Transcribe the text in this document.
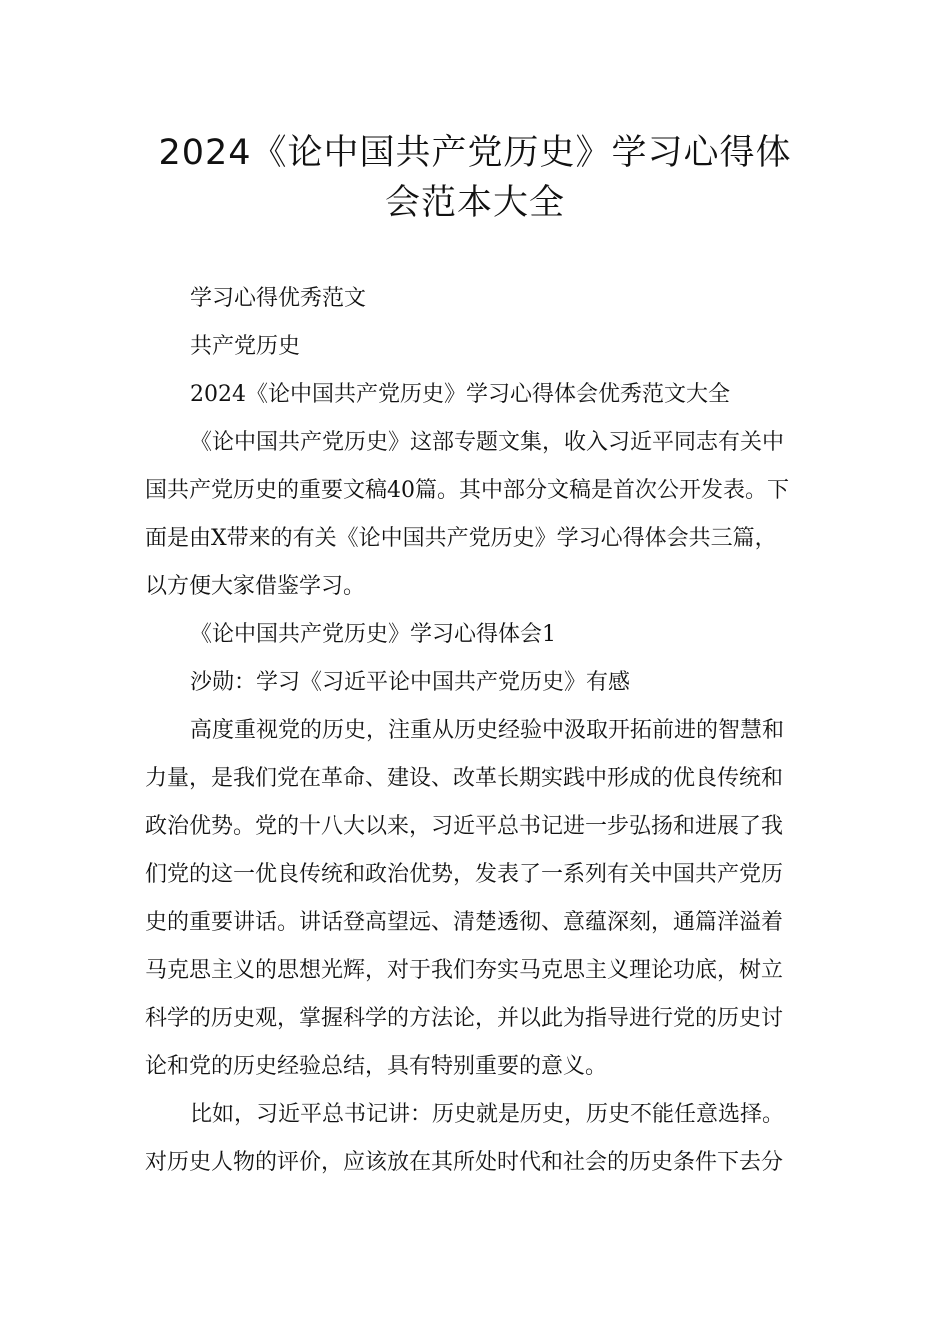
2024《论中国共产党历史》学习心得体
会范本大全
学习心得优秀范文
共产党历史
2024《论中国共产党历史》学习心得体会优秀范文大全
《论中国共产党历史》这部专题文集，收入习近平同志有关中
国共产党历史的重要文稿40篇。其中部分文稿是首次公开发表。下
面是由X带来的有关《论中国共产党历史》学习心得体会共三篇，
以方便大家借鉴学习。
《论中国共产党历史》学习心得体会1
沙勋：学习《习近平论中国共产党历史》有感
高度重视党的历史，注重从历史经验中汲取开拓前进的智慧和
力量，是我们党在革命、建设、改革长期实践中形成的优良传统和
政治优势。党的十八大以来，习近平总书记进一步弘扬和进展了我
们党的这一优良传统和政治优势，发表了一系列有关中国共产党历
史的重要讲话。讲话登高望远、清楚透彻、意蕴深刻，通篇洋溢着
马克思主义的思想光辉，对于我们夯实马克思主义理论功底，树立
科学的历史观，掌握科学的方法论，并以此为指导进行党的历史讨
论和党的历史经验总结，具有特别重要的意义。
比如，习近平总书记讲：历史就是历史，历史不能任意选择。
对历史人物的评价，应该放在其所处时代和社会的历史条件下去分
